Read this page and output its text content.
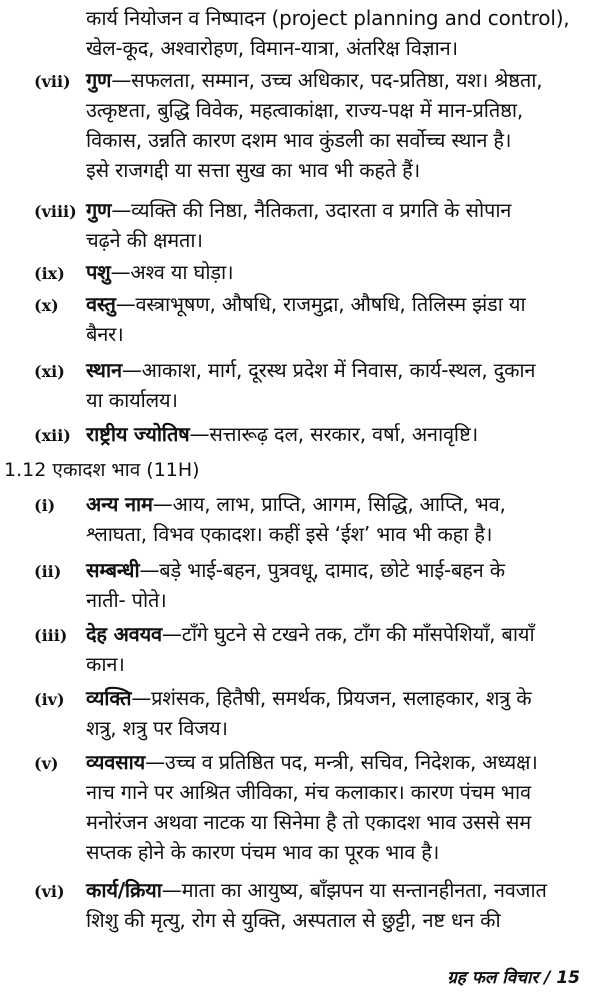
कार्य नियोजन व निष्पादन (project planning and control),
खेल-कूद, अश्वारोहण, विमान-यात्रा, अंतरिक्ष विज्ञान।
(vii) गुण—सफलता, सम्मान, उच्च अधिकार, पद-प्रतिष्ठा, यश। श्रेष्ठता,
उत्कृष्टता, बुद्धि विवेक, महत्वाकांक्षा, राज्य-पक्ष में मान-प्रतिष्ठा,
विकास, उन्नति कारण दशम भाव कुंडली का सर्वोच्च स्थान है।
इसे राजगद्दी या सत्ता सुख का भाव भी कहते हैं।
(viii) गुण—व्यक्ति की निष्ठा, नैतिकता, उदारता व प्रगति के सोपान
चढ़ने की क्षमता।
(ix) पशु—अश्व या घोड़ा।
(x) वस्तु—वस्त्राभूषण, औषधि, राजमुद्रा, औषधि, तिलिस्म झंडा या
बैनर।
(xi) स्थान—आकाश, मार्ग, दूरस्थ प्रदेश में निवास, कार्य-स्थल, दुकान
या कार्यालय।
(xii) राष्ट्रीय ज्योतिष—सत्तारूढ़ दल, सरकार, वर्षा, अनावृष्टि।
1.12 एकादश भाव (11H)
(i) अन्य नाम—आय, लाभ, प्राप्ति, आगम, सिद्धि, आप्ति, भव,
श्लाघता, विभव एकादश। कहीं इसे ‘ईश’ भाव भी कहा है।
(ii) सम्बन्धी—बड़े भाई-बहन, पुत्रवधू, दामाद, छोटे भाई-बहन के
नाती- पोते।
(iii) देह अवयव—टाँगे घुटने से टखने तक, टाँग की माँसपेशियाँ, बायाँ
कान।
(iv) व्यक्ति—प्रशंसक, हितैषी, समर्थक, प्रियजन, सलाहकार, शत्रु के
शत्रु, शत्रु पर विजय।
(v) व्यवसाय—उच्च व प्रतिष्ठित पद, मन्त्री, सचिव, निदेशक, अध्यक्ष।
नाच गाने पर आश्रित जीविका, मंच कलाकार। कारण पंचम भाव
मनोरंजन अथवा नाटक या सिनेमा है तो एकादश भाव उससे सम
सप्तक होने के कारण पंचम भाव का पूरक भाव है।
(vi) कार्य/क्रिया—माता का आयुष्य, बाँझपन या सन्तानहीनता, नवजात
शिशु की मृत्यु, रोग से युक्ति, अस्पताल से छुट्टी, नष्ट धन की
ग्रह फल विचार / 15
